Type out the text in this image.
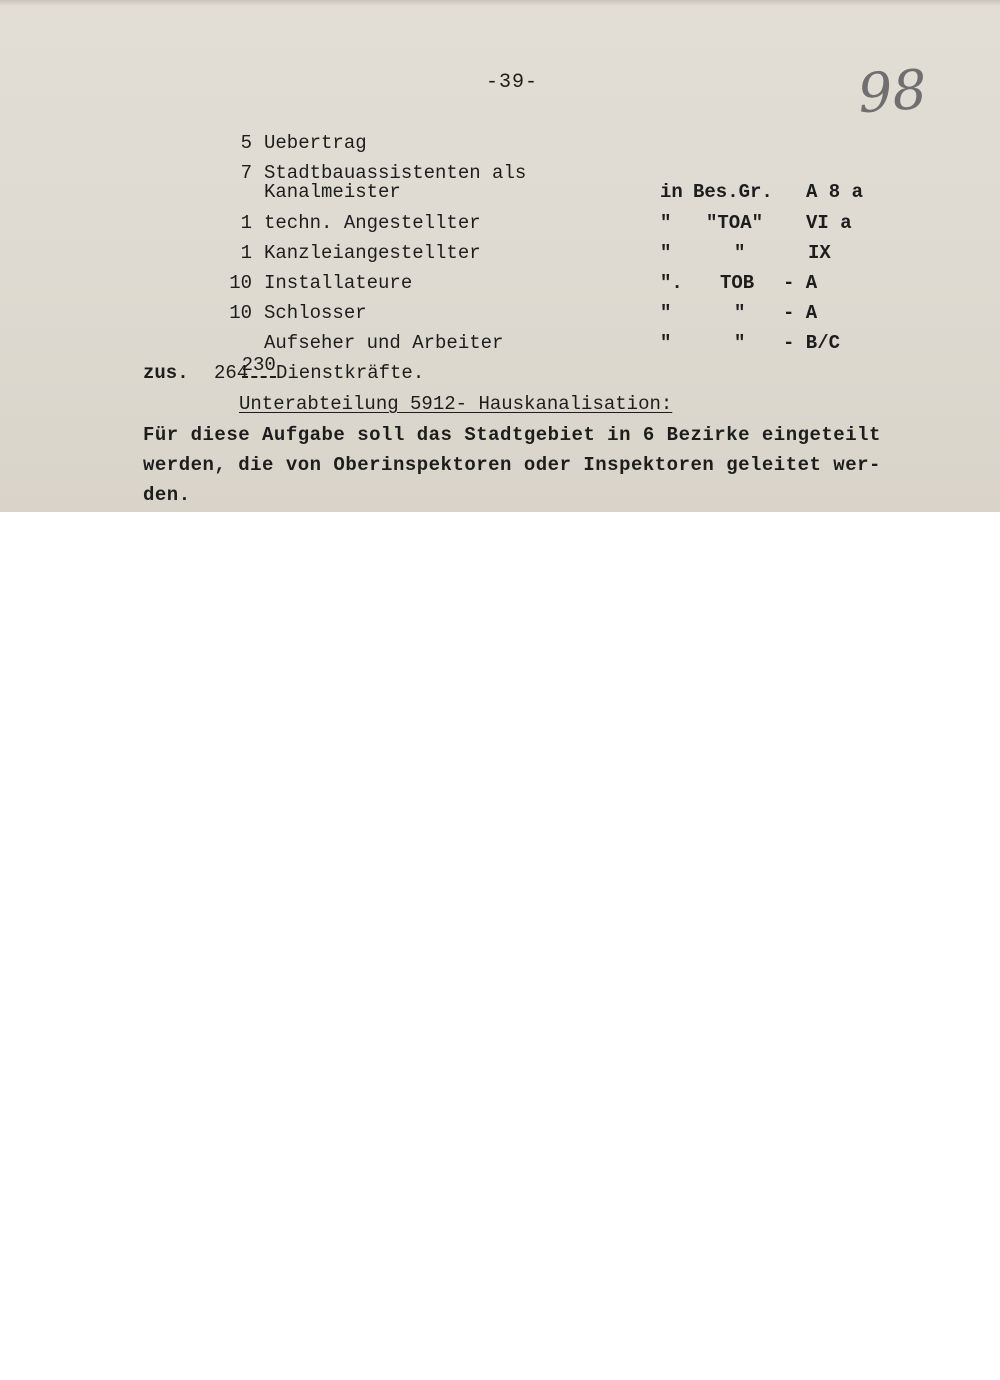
-39-	98
5 Uebertrag
7 Stadtbauassistenten als
Kanalmeister	in Bes.Gr. A 8 a
1 techn. Angestellter	" "TOA" VI a
1 Kanzleiangestellter	"	"	IX
10 Installateure	". TOB - A
10 Schlosser	"	" - A

230

Aufseher und Arbeiter	"	" - B/C
zus. 264 Dienstkräfte.
Unterabteilung 5912- Hauskanalisation:
Für diese Aufgabe soll das Stadtgebiet in 6 Bezirke eingeteilt
werden, die von Oberinspektoren oder Inspektoren geleitet wer-
den.
